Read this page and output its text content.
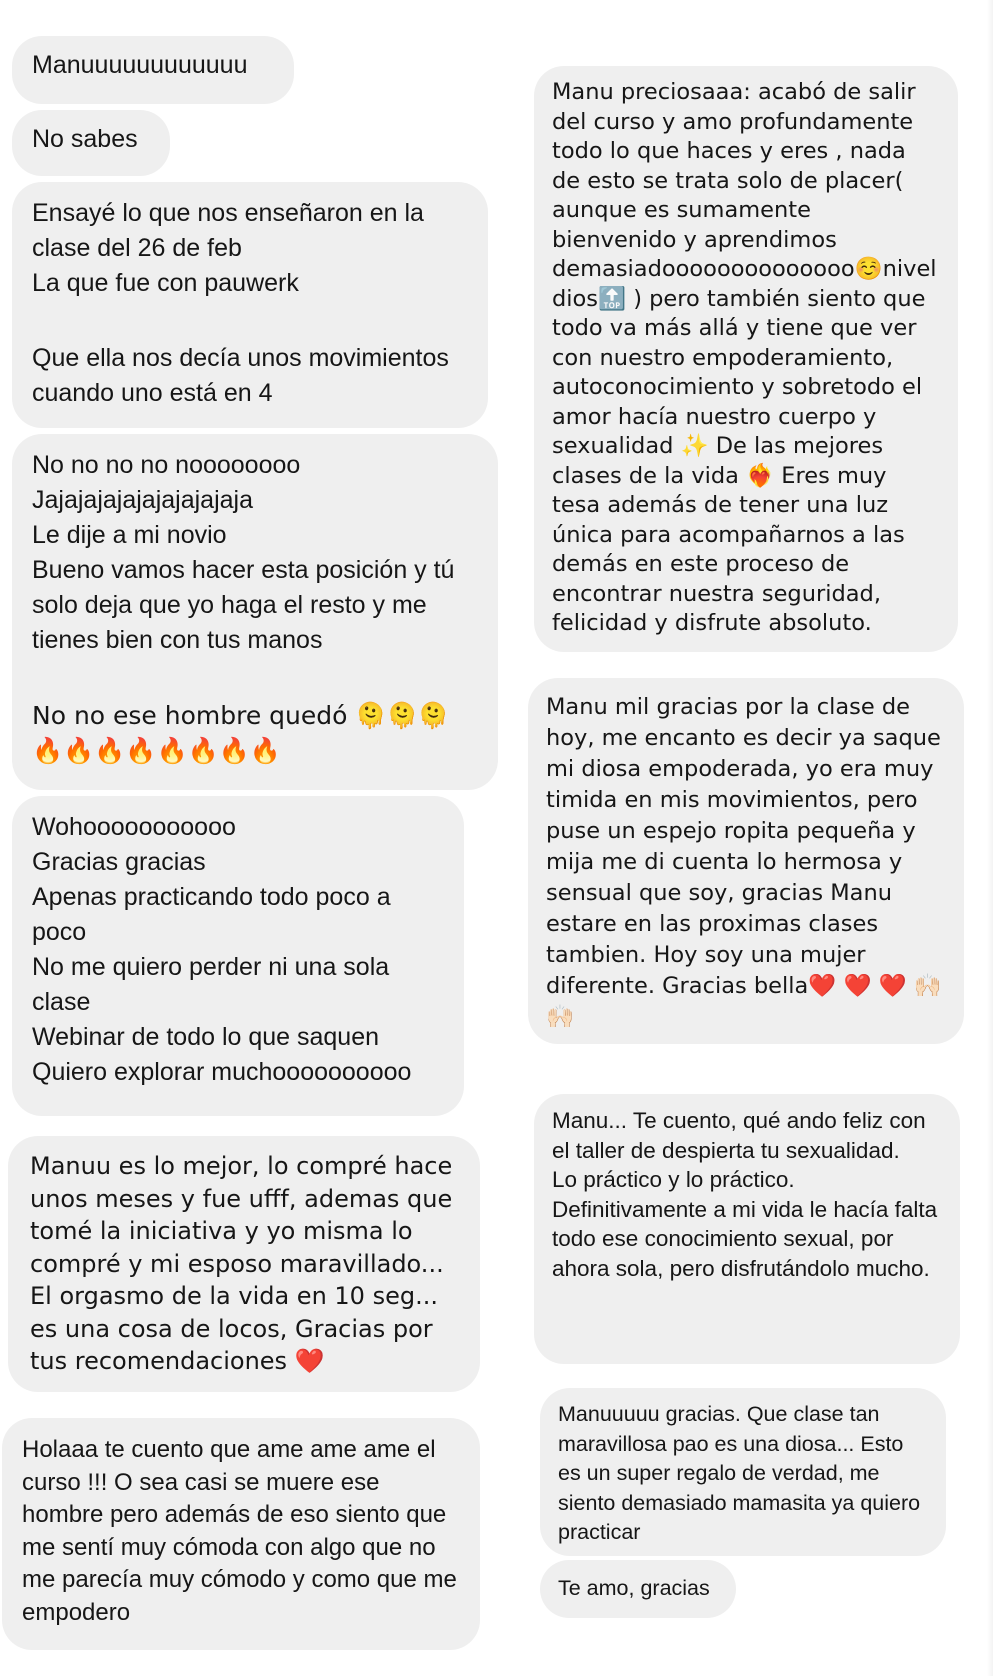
Manuuuuuuuuuuuu

No sabes

Ensayé lo que nos enseñaron en la clase del 26 de feb

La que fue con pauwerk

Que ella nos decía unos movimientos cuando uno está en 4

No no no no noooooooo

Jajajajajajajajajajaja

Le dije a mi novio

Bueno vamos hacer esta posición y tú solo deja que yo haga el resto y me tienes bien con tus manos

No no ese hombre quedó 🫠🫠🫠 🔥🔥🔥🔥🔥🔥🔥🔥

Wohooooooooooo

Gracias gracias

Apenas practicando todo poco a poco

No me quiero perder ni una sola clase

Webinar de todo lo que saquen

Quiero explorar muchoooooooooo

Manuu es lo mejor, lo compré hace unos meses y fue ufff, ademas que tomé la iniciativa y yo misma lo compré y mi esposo maravillado... El orgasmo de la vida en 10 seg... es una cosa de locos, Gracias por tus recomendaciones ❤️

Holaaa te cuento que ame ame ame el curso !!! O sea casi se muere ese hombre pero además de eso siento que me sentí muy cómoda con algo que no me parecía muy cómodo y como que me empodero

Manu preciosaaa: acabó de salir del curso y amo profundamente todo lo que haces y eres , nada de esto se trata solo de placer( aunque es sumamente bienvenido y aprendimos demasiadoooooooooooooo☺️nivel dios🔝 ) pero también siento que todo va más allá y tiene que ver con nuestro empoderamiento, autoconocimiento y sobretodo el amor hacía nuestro cuerpo y sexualidad ✨ De las mejores clases de la vida ❤️‍🔥 Eres muy tesa además de tener una luz única para acompañarnos a las demás en este proceso de encontrar nuestra seguridad, felicidad y disfrute absoluto.

Manu mil gracias por la clase de hoy, me encanto es decir ya saque mi diosa empoderada, yo era muy timida en mis movimientos, pero puse un espejo ropita pequeña y mija me di cuenta lo hermosa y sensual que soy, gracias Manu estare en las proximas clases tambien. Hoy soy una mujer diferente. Gracias bella❤️ ❤️ ❤️ 🙌🏻 🙌🏻

Manu... Te cuento, qué ando feliz con el taller de despierta tu sexualidad.

Lo práctico y lo práctico.

Definitivamente a mi vida le hacía falta todo ese conocimiento sexual, por ahora sola, pero disfrutándolo mucho.

Manuuuuu gracias. Que clase tan maravillosa pao es una diosa... Esto es un super regalo de verdad, me siento demasiado mamasita ya quiero practicar

Te amo, gracias
